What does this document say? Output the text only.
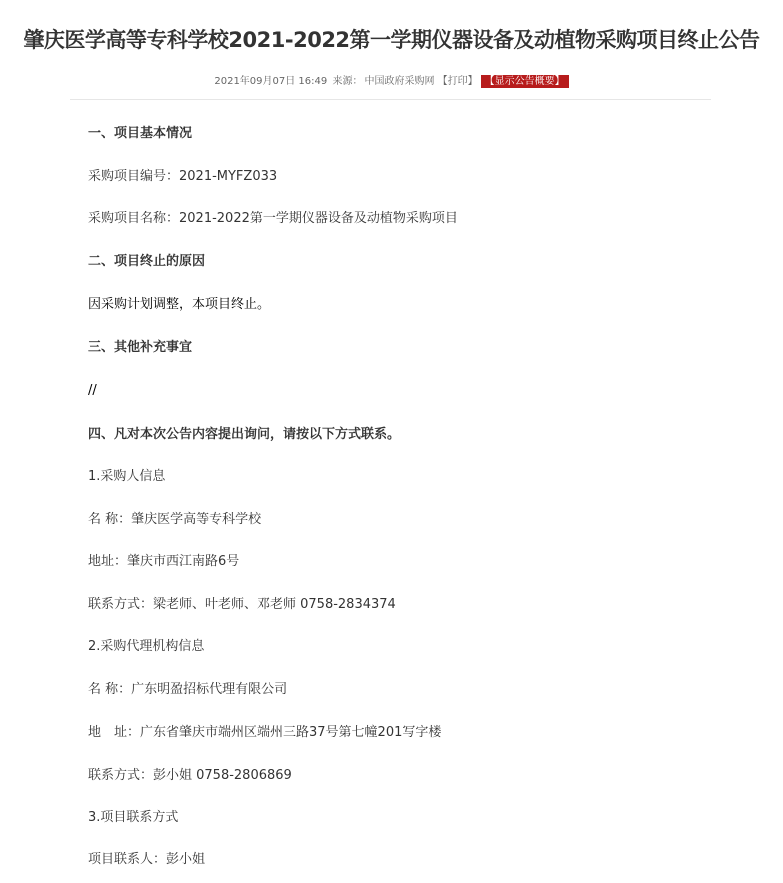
肇庆医学高等专科学校2021-2022第一学期仪器设备及动植物采购项目终止公告
2021年09月07日 16:49 来源： 中国政府采购网 【打印】 【显示公告概要】
一、项目基本情况
采购项目编号：2021-MYFZ033
采购项目名称：2021-2022第一学期仪器设备及动植物采购项目
二、项目终止的原因
因采购计划调整，本项目终止。
三、其他补充事宜
//
四、凡对本次公告内容提出询问，请按以下方式联系。
1.采购人信息
名 称：肇庆医学高等专科学校
地址：肇庆市西江南路6号
联系方式：梁老师、叶老师、邓老师 0758-2834374
2.采购代理机构信息
名 称：广东明盈招标代理有限公司
地　址：广东省肇庆市端州区端州三路37号第七幢201写字楼
联系方式：彭小姐 0758-2806869
3.项目联系方式
项目联系人：彭小姐
